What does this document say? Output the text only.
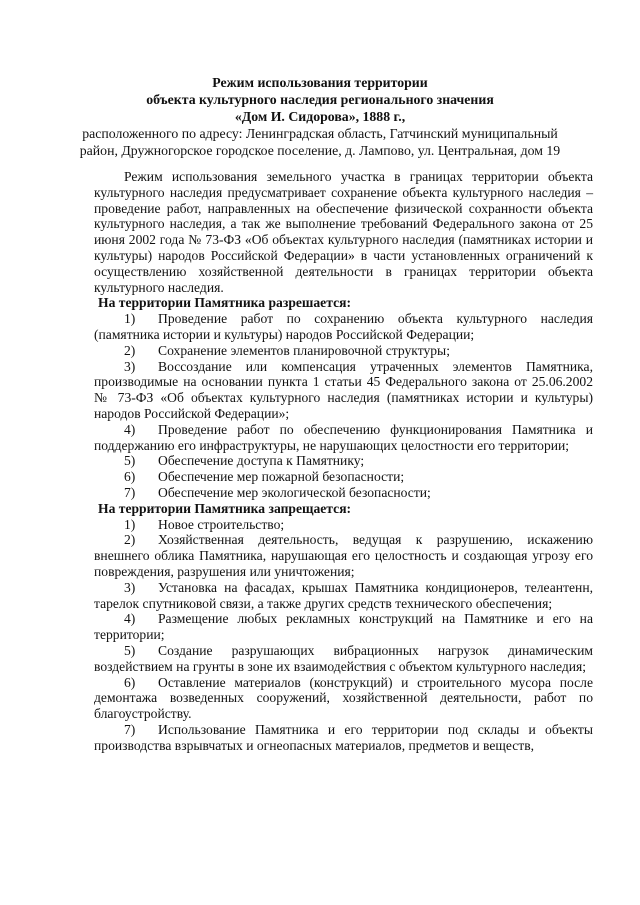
Режим использования территории
объекта культурного наследия регионального значения
«Дом И. Сидорова», 1888 г.,
расположенного по адресу: Ленинградская область, Гатчинский муниципальный
район, Дружногорское городское поселение, д. Лампово, ул. Центральная, дом 19

Режим использования земельного участка в границах территории объекта культурного наследия предусматривает сохранение объекта культурного наследия – проведение работ, направленных на обеспечение физической сохранности объекта культурного наследия, а так же выполнение требований Федерального закона от 25 июня 2002 года № 73-ФЗ «Об объектах культурного наследия (памятниках истории и культуры) народов Российской Федерации» в части установленных ограничений к осуществлению хозяйственной деятельности в границах территории объекта культурного наследия.

На территории Памятника разрешается:

1) Проведение работ по сохранению объекта культурного наследия (памятника истории и культуры) народов Российской Федерации;

2) Сохранение элементов планировочной структуры;

3) Воссоздание или компенсация утраченных элементов Памятника, производимые на основании пункта 1 статьи 45 Федерального закона от 25.06.2002 № 73-ФЗ «Об объектах культурного наследия (памятниках истории и культуры) народов Российской Федерации»;

4) Проведение работ по обеспечению функционирования Памятника и поддержанию его инфраструктуры, не нарушающих целостности его территории;

5) Обеспечение доступа к Памятнику;

6) Обеспечение мер пожарной безопасности;

7) Обеспечение мер экологической безопасности;

На территории Памятника запрещается:

1) Новое строительство;

2) Хозяйственная деятельность, ведущая к разрушению, искажению внешнего облика Памятника, нарушающая его целостность и создающая угрозу его повреждения, разрушения или уничтожения;

3) Установка на фасадах, крышах Памятника кондиционеров, телеантенн, тарелок спутниковой связи, а также других средств технического обеспечения;

4) Размещение любых рекламных конструкций на Памятнике и его на территории;

5) Создание разрушающих вибрационных нагрузок динамическим воздействием на грунты в зоне их взаимодействия с объектом культурного наследия;

6) Оставление материалов (конструкций) и строительного мусора после демонтажа возведенных сооружений, хозяйственной деятельности, работ по благоустройству.

7) Использование Памятника и его территории под склады и объекты производства взрывчатых и огнеопасных материалов, предметов и веществ,
